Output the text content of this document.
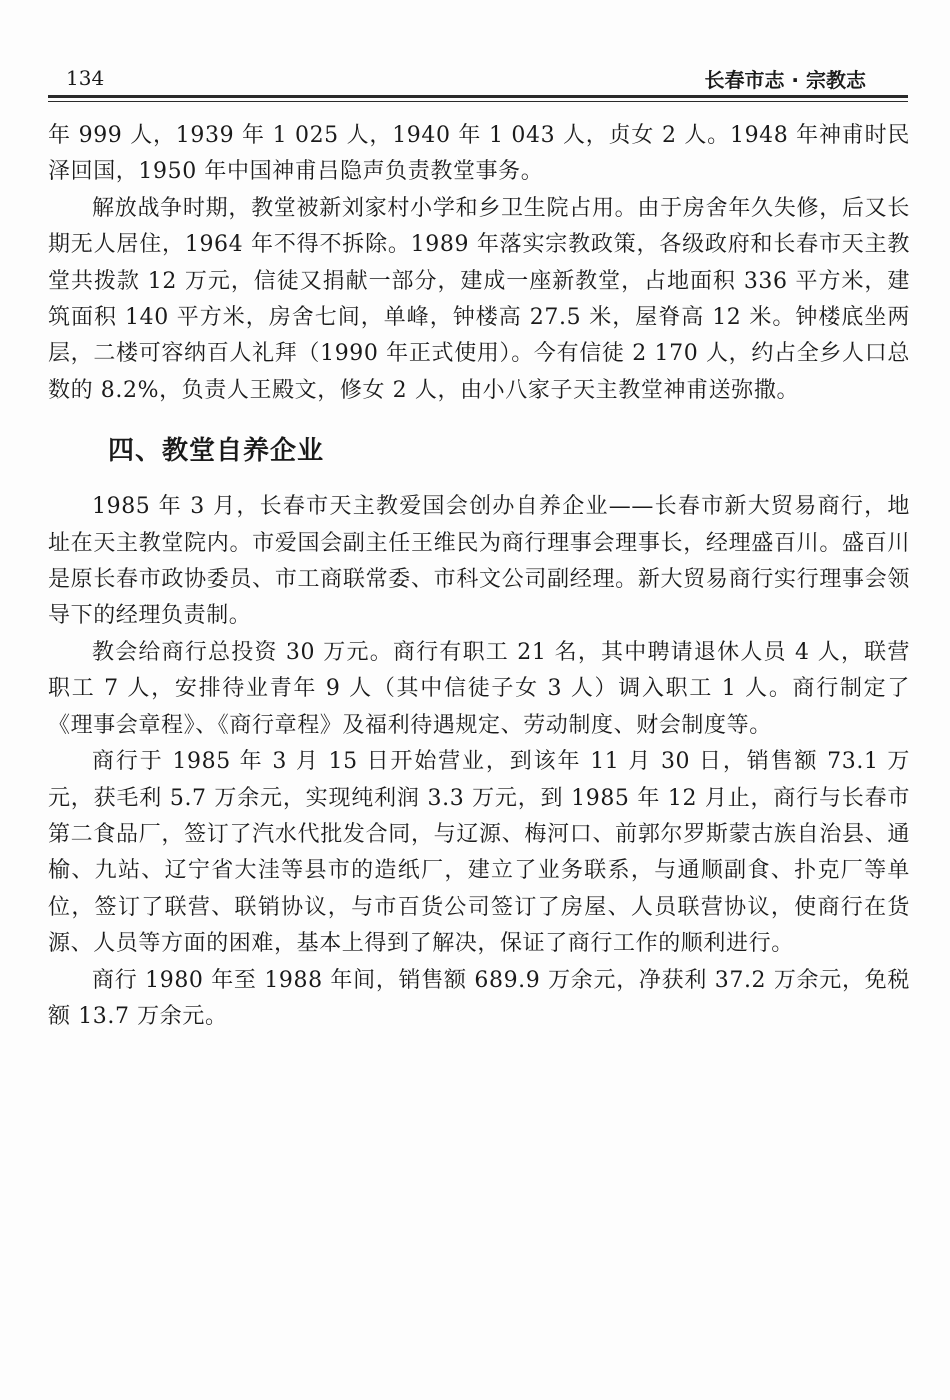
134	长春市志 · 宗教志

年 999 人，1939 年 1 025 人，1940 年 1 043 人，贞女 2 人。1948 年神甫时民泽回国，1950 年中国神甫吕隐声负责教堂事务。

解放战争时期，教堂被新刘家村小学和乡卫生院占用。由于房舍年久失修，后又长期无人居住，1964 年不得不拆除。1989 年落实宗教政策，各级政府和长春市天主教堂共拨款 12 万元，信徒又捐献一部分，建成一座新教堂，占地面积 336 平方米，建筑面积 140 平方米，房舍七间，单峰，钟楼高 27.5 米，屋脊高 12 米。钟楼底坐两层，二楼可容纳百人礼拜（1990 年正式使用）。今有信徒 2 170 人，约占全乡人口总数的 8.2%，负责人王殿文，修女 2 人，由小八家子天主教堂神甫送弥撒。

四、教堂自养企业

1985 年 3 月，长春市天主教爱国会创办自养企业——长春市新大贸易商行，地址在天主教堂院内。市爱国会副主任王维民为商行理事会理事长，经理盛百川。盛百川是原长春市政协委员、市工商联常委、市科文公司副经理。新大贸易商行实行理事会领导下的经理负责制。

教会给商行总投资 30 万元。商行有职工 21 名，其中聘请退休人员 4 人，联营职工 7 人，安排待业青年 9 人（其中信徒子女 3 人）调入职工 1 人。商行制定了《理事会章程》、《商行章程》及福利待遇规定、劳动制度、财会制度等。

商行于 1985 年 3 月 15 日开始营业，到该年 11 月 30 日，销售额 73.1 万元，获毛利 5.7 万余元，实现纯利润 3.3 万元，到 1985 年 12 月止，商行与长春市第二食品厂，签订了汽水代批发合同，与辽源、梅河口、前郭尔罗斯蒙古族自治县、通榆、九站、辽宁省大洼等县市的造纸厂，建立了业务联系，与通顺副食、扑克厂等单位，签订了联营、联销协议，与市百货公司签订了房屋、人员联营协议，使商行在货源、人员等方面的困难，基本上得到了解决，保证了商行工作的顺利进行。

商行 1980 年至 1988 年间，销售额 689.9 万余元，净获利 37.2 万余元，免税额 13.7 万余元。
